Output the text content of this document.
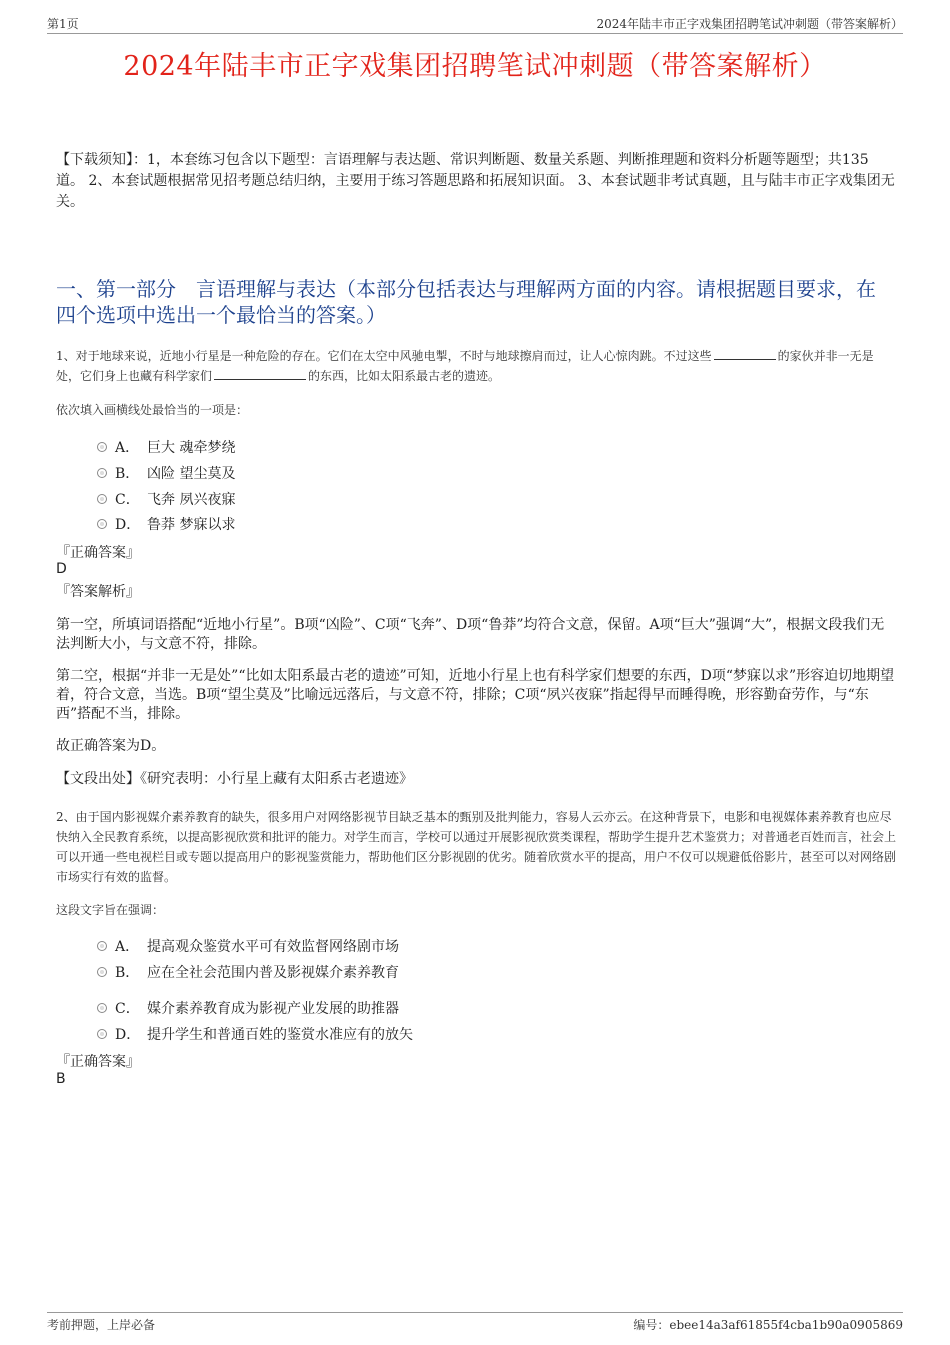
第1页	2024年陆丰市正字戏集团招聘笔试冲刺题（带答案解析）
2024年陆丰市正字戏集团招聘笔试冲刺题（带答案解析）
【下载须知】：1，本套练习包含以下题型：言语理解与表达题、常识判断题、数量关系题、判断推理题和资料分析题等题型；共135道。 2、本套试题根据常见招考题总结归纳，主要用于练习答题思路和拓展知识面。 3、本套试题非考试真题，且与陆丰市正字戏集团无关。
一、第一部分　言语理解与表达（本部分包括表达与理解两方面的内容。请根据题目要求，在四个选项中选出一个最恰当的答案。）
1、对于地球来说，近地小行星是一种危险的存在。它们在太空中风驰电掣，不时与地球擦肩而过，让人心惊肉跳。不过这些	的家伙并非一无是处，它们身上也藏有科学家们	的东西，比如太阳系最古老的遗迹。
依次填入画横线处最恰当的一项是：
A． 巨大 魂牵梦绕
B． 凶险 望尘莫及
C． 飞奔 夙兴夜寐
D． 鲁莽 梦寐以求
『正确答案』
D
『答案解析』
第一空，所填词语搭配“近地小行星”。B项“凶险”、C项“飞奔”、D项“鲁莽”均符合文意，保留。A项“巨大”强调“大”，根据文段我们无法判断大小，与文意不符，排除。
第二空，根据“并非一无是处”“比如太阳系最古老的遗迹”可知，近地小行星上也有科学家们想要的东西，D项“梦寐以求”形容迫切地期望着，符合文意，当选。B项“望尘莫及”比喻远远落后，与文意不符，排除；C项“夙兴夜寐”指起得早而睡得晚，形容勤奋劳作，与“东西”搭配不当，排除。
故正确答案为D。
【文段出处】《研究表明：小行星上藏有太阳系古老遗迹》
2、由于国内影视媒介素养教育的缺失，很多用户对网络影视节目缺乏基本的甄别及批判能力，容易人云亦云。在这种背景下，电影和电视媒体素养教育也应尽快纳入全民教育系统，以提高影视欣赏和批评的能力。对学生而言，学校可以通过开展影视欣赏类课程，帮助学生提升艺术鉴赏力；对普通老百姓而言，社会上可以开通一些电视栏目或专题以提高用户的影视鉴赏能力，帮助他们区分影视剧的优劣。随着欣赏水平的提高，用户不仅可以规避低俗影片，甚至可以对网络剧市场实行有效的监督。
这段文字旨在强调：
A． 提高观众鉴赏水平可有效监督网络剧市场
B． 应在全社会范围内普及影视媒介素养教育
C． 媒介素养教育成为影视产业发展的助推器
D． 提升学生和普通百姓的鉴赏水准应有的放矢
『正确答案』
B
考前押题，上岸必备	编号：ebee14a3af61855f4cba1b90a0905869
